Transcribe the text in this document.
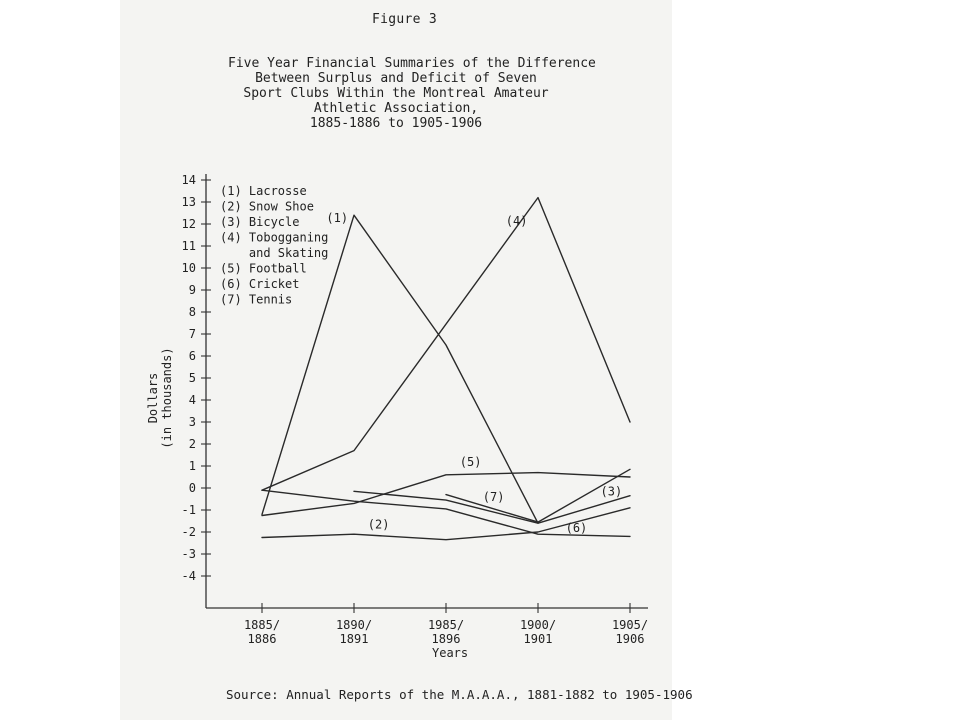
Figure 3
Five Year Financial Summaries of the Difference
Between Surplus and Deficit of Seven
Sport Clubs Within the Montreal Amateur
Athletic Association,
1885-1886 to 1905-1906
Dollars (in thousands)
14
13
12
11
10
9
8
7
6
5
4
3
2
1
0
-1
-2
-3
-4
1885/
1886
1890/
1891
1985/
1896
1900/
1901
1905/
1906
(1) Lacrosse
(2) Snow Shoe
(3) Bicycle
(4) Tobogganing
and Skating
(5) Football
(6) Cricket
(7) Tennis
(1)	(4)
(5)
(7)	(3)
(2)	(6)
Years
Source: Annual Reports of the M.A.A.A., 1881-1882 to 1905-1906
